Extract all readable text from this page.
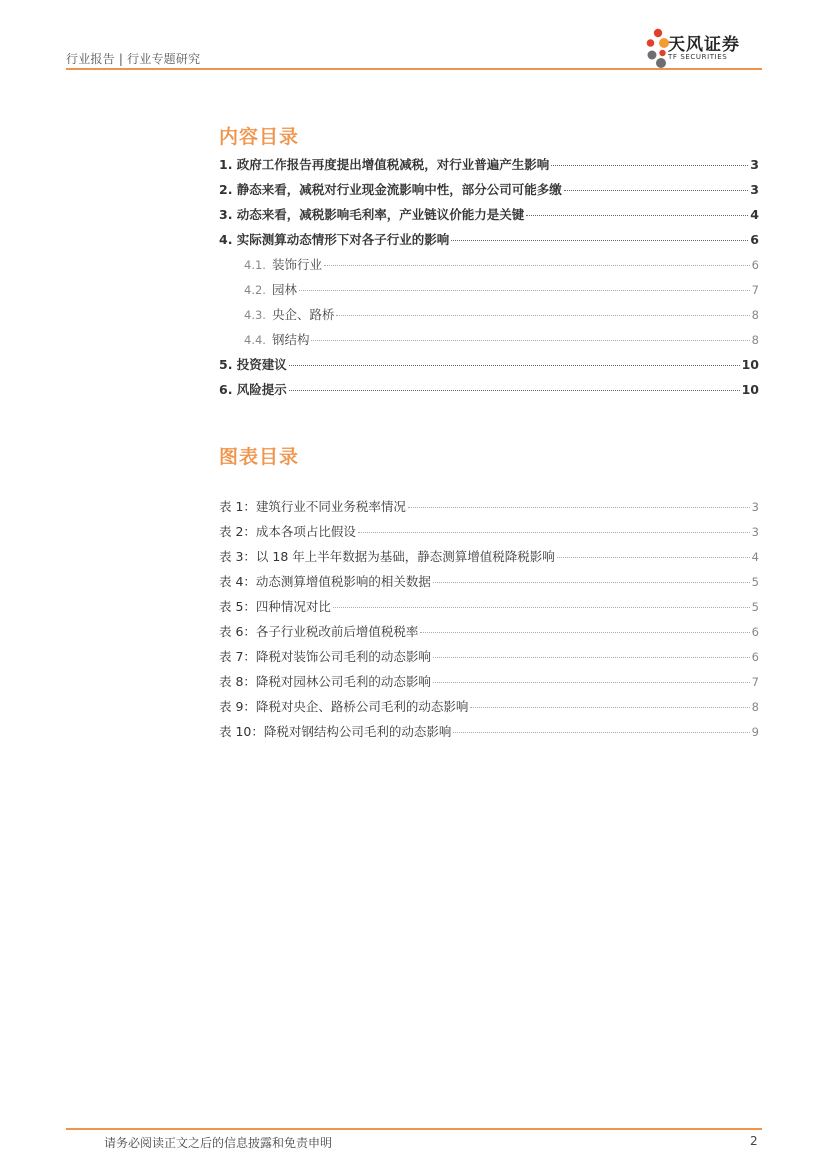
行业报告 | 行业专题研究
天风证券
TF SECURITIES
内容目录
1. 政府工作报告再度提出增值税减税，对行业普遍产生影响	3
2. 静态来看，减税对行业现金流影响中性，部分公司可能多缴	3
3. 动态来看，减税影响毛利率，产业链议价能力是关键	4
4. 实际测算动态情形下对各子行业的影响	6
4.1. 装饰行业	6
4.2. 园林	7
4.3. 央企、路桥	8
4.4. 钢结构	8
5. 投资建议	10
6. 风险提示	10
图表目录
表 1：建筑行业不同业务税率情况	3
表 2：成本各项占比假设	3
表 3：以 18 年上半年数据为基础，静态测算增值税降税影响	4
表 4：动态测算增值税影响的相关数据	5
表 5：四种情况对比	5
表 6：各子行业税改前后增值税税率	6
表 7：降税对装饰公司毛利的动态影响	6
表 8：降税对园林公司毛利的动态影响	7
表 9：降税对央企、路桥公司毛利的动态影响	8
表 10：降税对钢结构公司毛利的动态影响	9
请务必阅读正文之后的信息披露和免责申明	2
